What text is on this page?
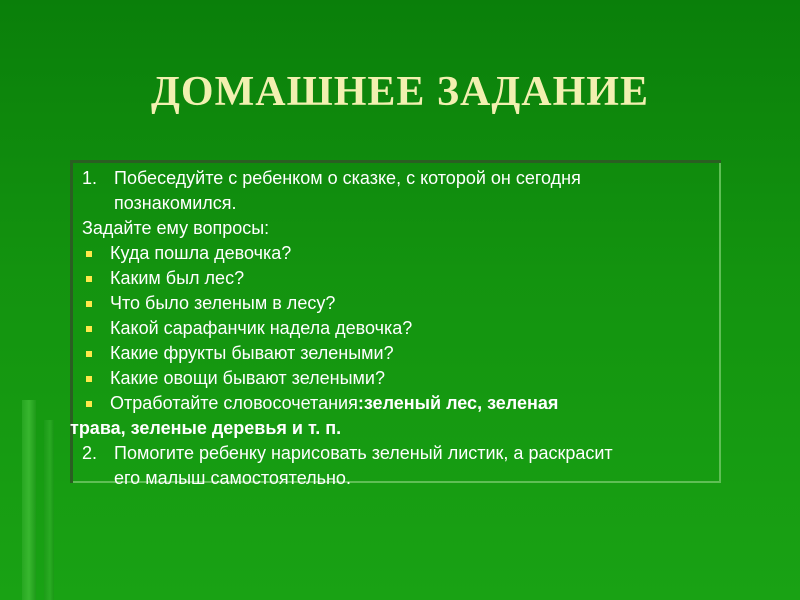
ДОМАШНЕЕ ЗАДАНИЕ
1. Побеседуйте с ребенком о сказке, с которой он сегодня
познакомился.
Задайте ему вопросы:
Куда пошла девочка?
Каким был лес?
Что было зеленым в лесу?
Какой сарафанчик надела девочка?
Какие фрукты бывают зелеными?
Какие овощи бывают зелеными?
Отработайте словосочетания : зеленый лес, зеленая
трава, зеленые деревья и т. п.
2. Помогите ребенку нарисовать зеленый листик, а раскрасит
его малыш самостоятельно.
